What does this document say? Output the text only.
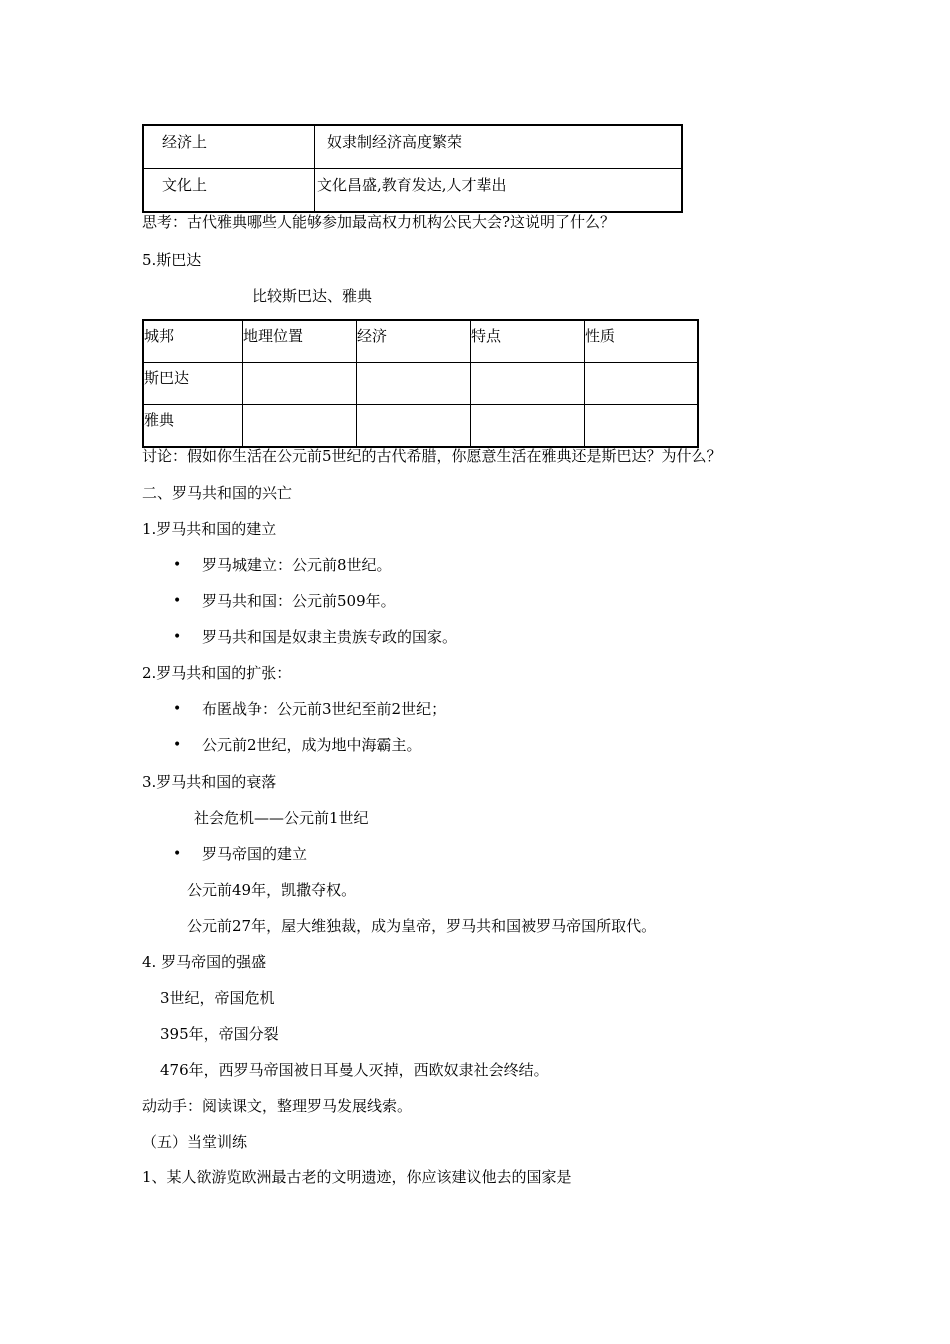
经济上	奴隶制经济高度繁荣
文化上	文化昌盛,教育发达,人才辈出
思考：古代雅典哪些人能够参加最高权力机构公民大会?这说明了什么？
5.斯巴达
比较斯巴达、雅典
城邦	地理位置	经济	特点	性质
斯巴达				
雅典				
讨论：假如你生活在公元前5世纪的古代希腊，你愿意生活在雅典还是斯巴达？为什么？
二、罗马共和国的兴亡
1.罗马共和国的建立
• 罗马城建立：公元前8世纪。
• 罗马共和国：公元前509年。
• 罗马共和国是奴隶主贵族专政的国家。
2.罗马共和国的扩张：
• 布匿战争：公元前3世纪至前2世纪；
• 公元前2世纪，成为地中海霸主。
3.罗马共和国的衰落
社会危机——公元前1世纪
• 罗马帝国的建立
公元前49年，凯撒夺权。
公元前27年，屋大维独裁，成为皇帝，罗马共和国被罗马帝国所取代。
4. 罗马帝国的强盛
3世纪，帝国危机
395年，帝国分裂
476年，西罗马帝国被日耳曼人灭掉，西欧奴隶社会终结。
动动手：阅读课文，整理罗马发展线索。
（五）当堂训练
1、某人欲游览欧洲最古老的文明遗迹，你应该建议他去的国家是
